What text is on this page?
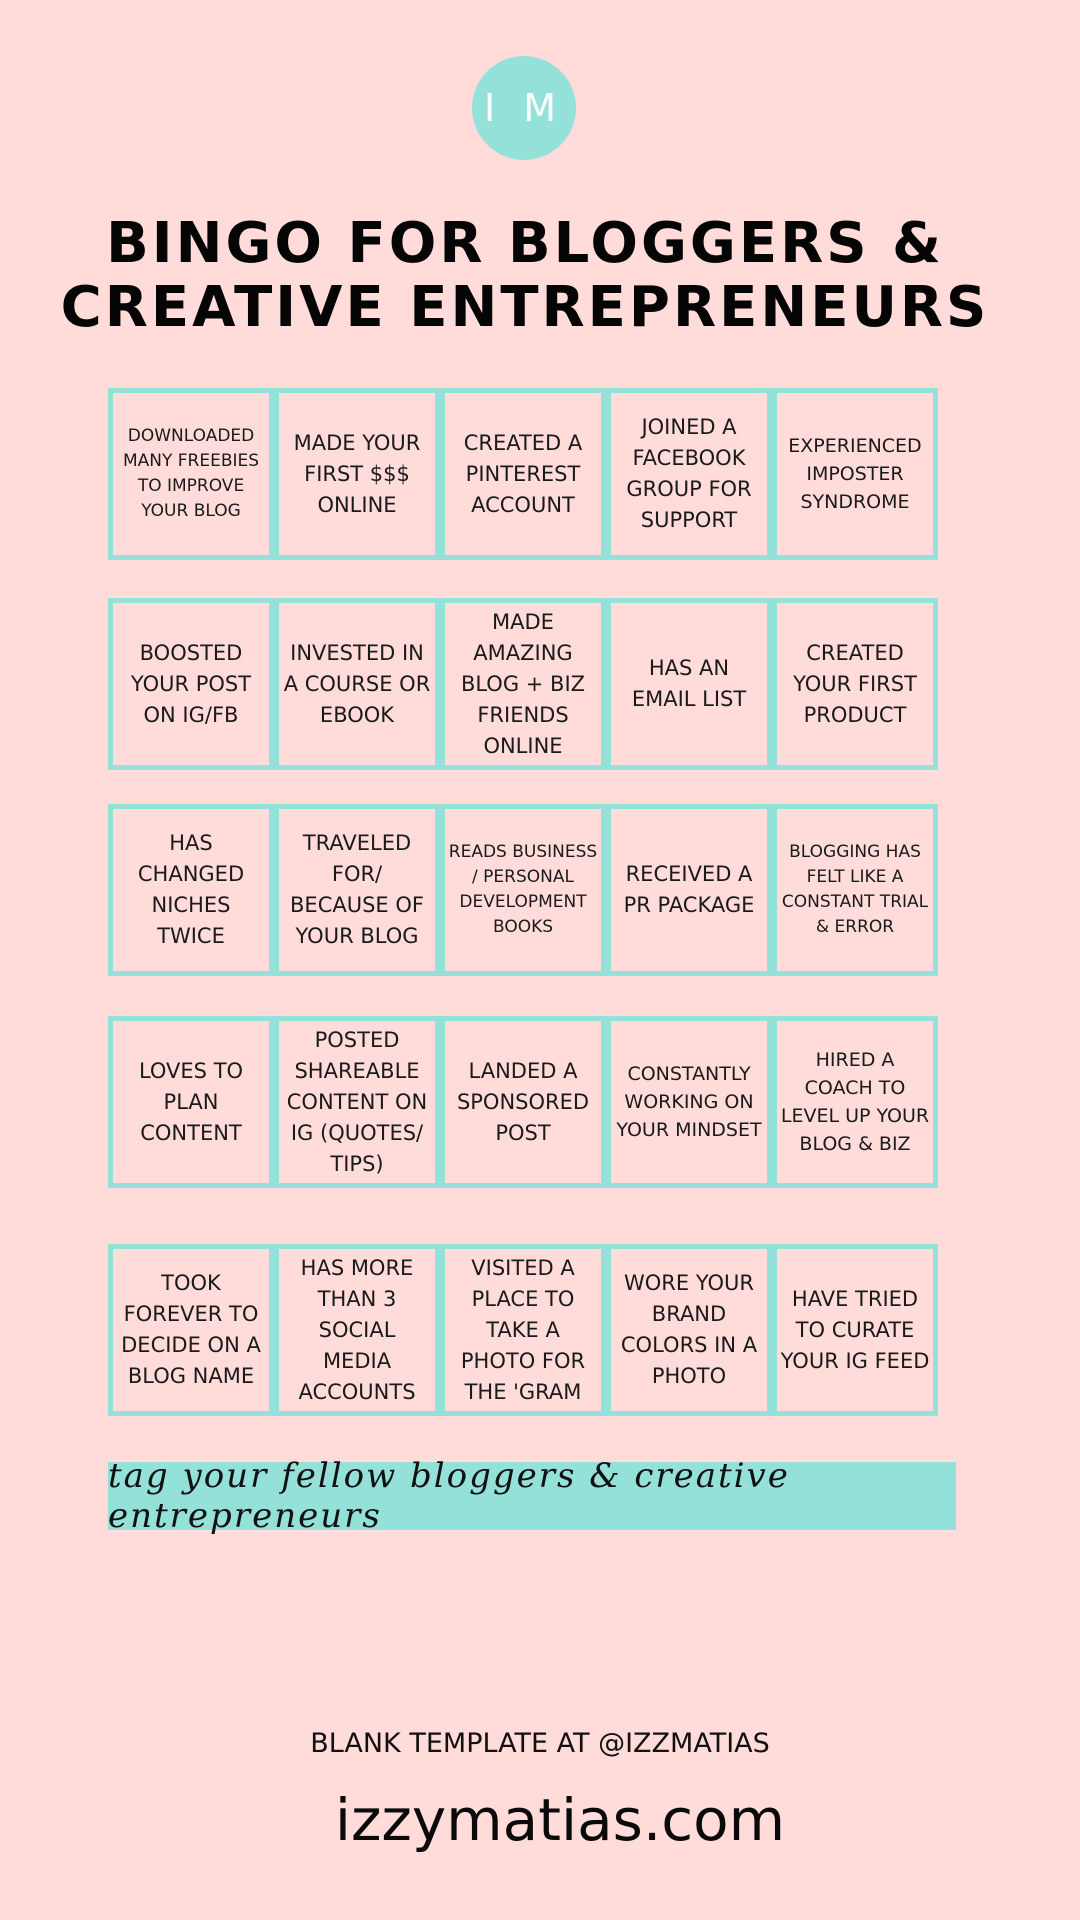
I M
BINGO FOR BLOGGERS &
CREATIVE ENTREPRENEURS
DOWNLOADED MANY FREEBIES TO IMPROVE YOUR BLOG
MADE YOUR FIRST $$$ ONLINE
CREATED A PINTEREST ACCOUNT
JOINED A FACEBOOK GROUP FOR SUPPORT
EXPERIENCED IMPOSTER SYNDROME
BOOSTED YOUR POST ON IG/FB
INVESTED IN A COURSE OR EBOOK
MADE AMAZING BLOG + BIZ FRIENDS ONLINE
HAS AN EMAIL LIST
CREATED YOUR FIRST PRODUCT
HAS CHANGED NICHES TWICE
TRAVELED FOR/ BECAUSE OF YOUR BLOG
READS BUSINESS / PERSONAL DEVELOPMENT BOOKS
RECEIVED A PR PACKAGE
BLOGGING HAS FELT LIKE A CONSTANT TRIAL & ERROR
LOVES TO PLAN CONTENT
POSTED SHAREABLE CONTENT ON IG (QUOTES/ TIPS)
LANDED A SPONSORED POST
CONSTANTLY WORKING ON YOUR MINDSET
HIRED A COACH TO LEVEL UP YOUR BLOG & BIZ
TOOK FOREVER TO DECIDE ON A BLOG NAME
HAS MORE THAN 3 SOCIAL MEDIA ACCOUNTS
VISITED A PLACE TO TAKE A PHOTO FOR THE 'GRAM
WORE YOUR BRAND COLORS IN A PHOTO
HAVE TRIED TO CURATE YOUR IG FEED
tag your fellow bloggers & creative entrepreneurs
BLANK TEMPLATE AT @IZZMATIAS
izzymatias.com
